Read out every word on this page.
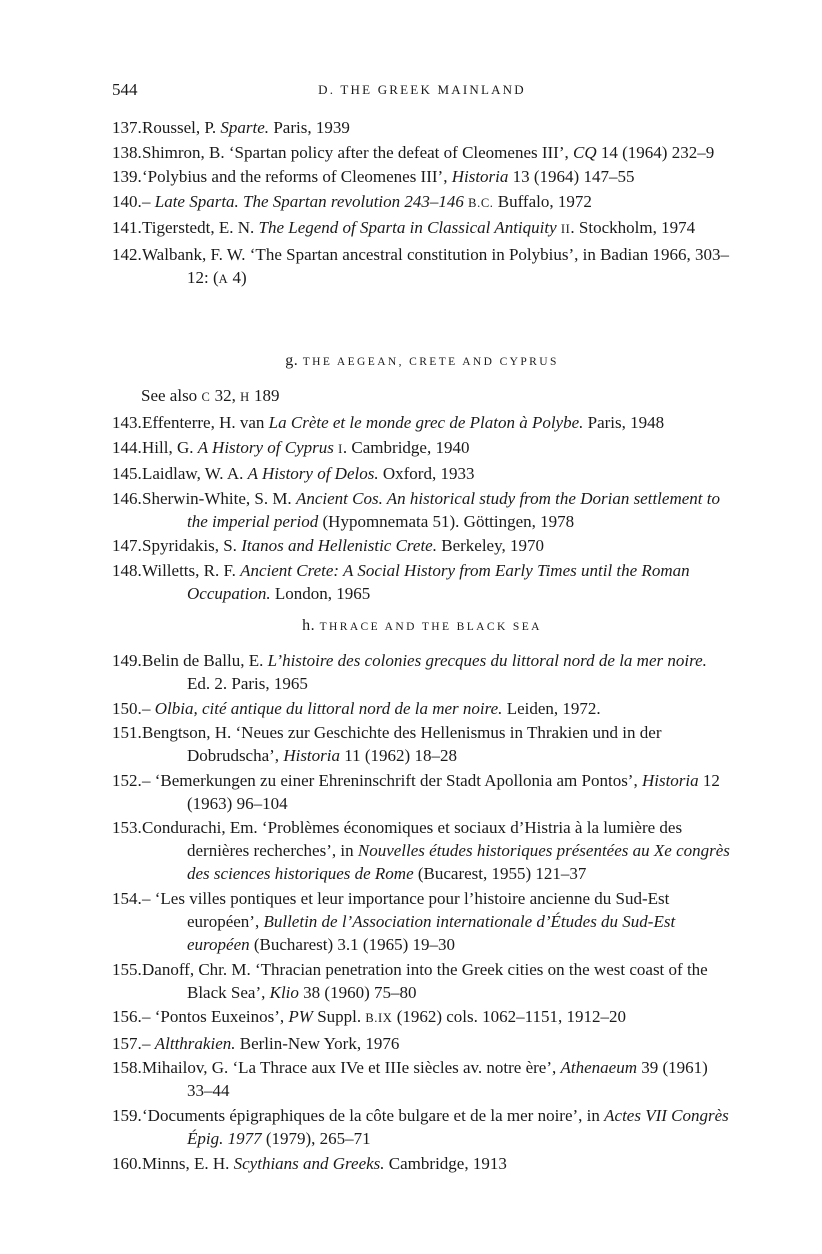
544	D. THE GREEK MAINLAND
137.Roussel, P. Sparte. Paris, 1939
138.Shimron, B. ‘Spartan policy after the defeat of Cleomenes III’, CQ 14 (1964) 232–9
139.‘Polybius and the reforms of Cleomenes III’, Historia 13 (1964) 147–55
140.– Late Sparta. The Spartan revolution 243–146 B.C. Buffalo, 1972
141.Tigerstedt, E. N. The Legend of Sparta in Classical Antiquity II. Stockholm, 1974
142.Walbank, F. W. ‘The Spartan ancestral constitution in Polybius’, in Badian 1966, 303–12: (A 4)
g. THE AEGEAN, CRETE AND CYPRUS
See also C 32, H 189
143.Effenterre, H. van La Crète et le monde grec de Platon à Polybe. Paris, 1948
144.Hill, G. A History of Cyprus I. Cambridge, 1940
145.Laidlaw, W. A. A History of Delos. Oxford, 1933
146.Sherwin-White, S. M. Ancient Cos. An historical study from the Dorian settlement to the imperial period (Hypomnemata 51). Göttingen, 1978
147.Spyridakis, S. Itanos and Hellenistic Crete. Berkeley, 1970
148.Willetts, R. F. Ancient Crete: A Social History from Early Times until the Roman Occupation. London, 1965
h. THRACE AND THE BLACK SEA
149.Belin de Ballu, E. L’histoire des colonies grecques du littoral nord de la mer noire. Ed. 2. Paris, 1965
150.– Olbia, cité antique du littoral nord de la mer noire. Leiden, 1972.
151.Bengtson, H. ‘Neues zur Geschichte des Hellenismus in Thrakien und in der Dobrudscha’, Historia 11 (1962) 18–28
152.– ‘Bemerkungen zu einer Ehreninschrift der Stadt Apollonia am Pontos’, Historia 12 (1963) 96–104
153.Condurachi, Em. ‘Problèmes économiques et sociaux d’Histria à la lumière des dernières recherches’, in Nouvelles études historiques présentées au Xe congrès des sciences historiques de Rome (Bucarest, 1955) 121–37
154.– ‘Les villes pontiques et leur importance pour l’histoire ancienne du Sud-Est européen’, Bulletin de l’Association internationale d’Études du Sud-Est européen (Bucharest) 3.1 (1965) 19–30
155.Danoff, Chr. M. ‘Thracian penetration into the Greek cities on the west coast of the Black Sea’, Klio 38 (1960) 75–80
156.– ‘Pontos Euxeinos’, PW Suppl. B.IX (1962) cols. 1062–1151, 1912–20
157.– Altthrakien. Berlin-New York, 1976
158.Mihailov, G. ‘La Thrace aux IVe et IIIe siècles av. notre ère’, Athenaeum 39 (1961) 33–44
159.‘Documents épigraphiques de la côte bulgare et de la mer noire’, in Actes VII Congrès Épig. 1977 (1979), 265–71
160.Minns, E. H. Scythians and Greeks. Cambridge, 1913
